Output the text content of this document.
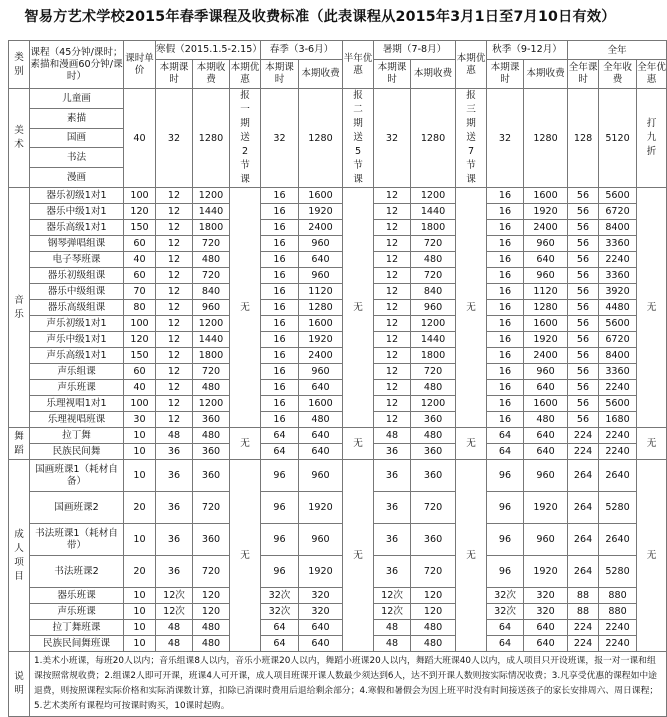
智易方艺术学校2015年春季课程及收费标准（此表课程从2015年3月1日至7月10日有效）
类别	课程（45分钟/课时；素描和漫画60分钟/课时）	课时单价	寒假（2015.1.5-2.15）			春季（3-6月）		半年优惠	暑期（7-8月）		本期优惠	秋季（9-12月）		全年		
			本期课时	本期收费	本期优惠	本期课时	本期收费		本期课时	本期收费		本期课时	本期收费	全年课时	全年收费	全年优惠
美术	儿童画	40	32	1280	报一期送2节课	32	1280	报二期送5节课	32	1280	报三期送7节课	32	1280	128	5120	打九折
	素描															
	国画															
	书法															
	漫画															
音乐	器乐初级1对1	100	12	1200	无	16	1600	无	12	1200	无	16	1600	56	5600	无
	器乐中级1对1	120	12	1440		16	1920		12	1440		16	1920	56	6720	
	器乐高级1对1	150	12	1800		16	2400		12	1800		16	2400	56	8400	
	钢琴弹唱组课	60	12	720		16	960		12	720		16	960	56	3360	
	电子琴班课	40	12	480		16	640		12	480		16	640	56	2240	
	器乐初级组课	60	12	720		16	960		12	720		16	960	56	3360	
	器乐中级组课	70	12	840		16	1120		12	840		16	1120	56	3920	
	器乐高级组课	80	12	960		16	1280		12	960		16	1280	56	4480	
	声乐初级1对1	100	12	1200		16	1600		12	1200		16	1600	56	5600	
	声乐中级1对1	120	12	1440		16	1920		12	1440		16	1920	56	6720	
	声乐高级1对1	150	12	1800		16	2400		12	1800		16	2400	56	8400	
	声乐组课	60	12	720		16	960		12	720		16	960	56	3360	
	声乐班课	40	12	480		16	640		12	480		16	640	56	2240	
	乐理视唱1对1	100	12	1200		16	1600		12	1200		16	1600	56	5600	
	乐理视唱班课	30	12	360		16	480		12	360		16	480	56	1680	
舞蹈	拉丁舞	10	48	480	无	64	640	无	48	480	无	64	640	224	2240	无
	民族民间舞	10	36	360		64	640		36	360		64	640	224	2240	
成人项目	国画班课1（耗材自备）	10	36	360	无	96	960	无	36	360	无	96	960	264	2640	无
	国画班课2	20	36	720		96	1920		36	720		96	1920	264	5280	
	书法班课1（耗材自带）	10	36	360		96	960		36	360		96	960	264	2640	
	书法班课2	20	36	720		96	1920		36	720		96	1920	264	5280	
	器乐班课	10	12次	120		32次	320		12次	120		32次	320	88	880	
	声乐班课	10	12次	120		32次	320		12次	120		32次	320	88	880	
	拉丁舞班课	10	48	480		64	640		48	480		64	640	224	2240	
	民族民间舞班课	10	48	480		64	640		48	480		64	640	224	2240	
说明	1.美术小班课，每班20人以内；音乐组课8人以内，音乐小班课20人以内，舞蹈小班课20人以内，舞蹈大班课40人以内，成人项目只开设班课，报一对一课和组课按照常规收费；2.组课2人即可开课，班课4人可开课，成人项目班课开课人数最少须达到6人，达不到开课人数则按实际情况收费；3.凡享受优惠的课程如中途退费，则按照课程实际价格和实际消课数计算，扣除已消课时费用后退给剩余部分；4.寒假和暑假会为因上班平时没有时间接送孩子的家长安排周六、周日课程；5.艺术类所有课程均可按课时购买，10课时起购。															
